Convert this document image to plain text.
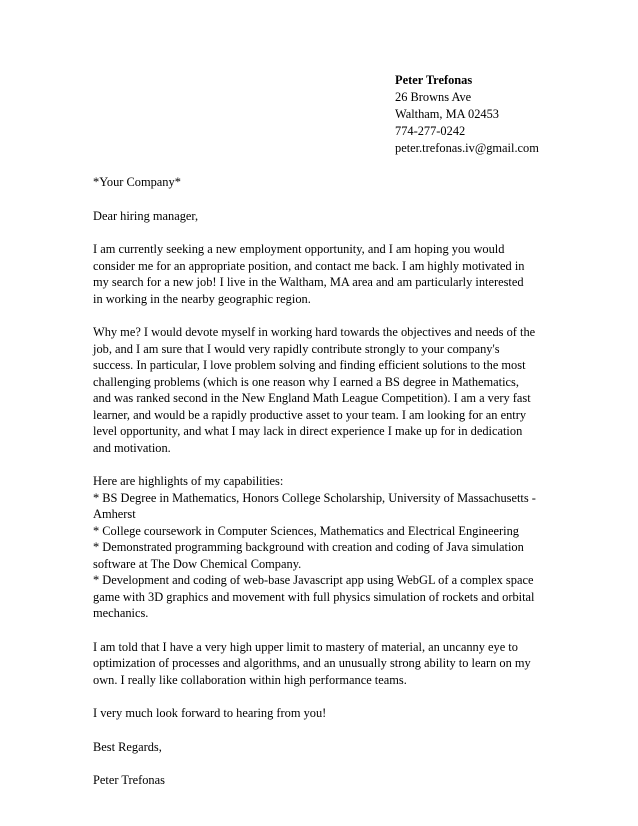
Peter Trefonas
26 Browns Ave
Waltham, MA 02453
774-277-0242
peter.trefonas.iv@gmail.com

*Your Company*

Dear hiring manager,

I am currently seeking a new employment opportunity, and I am hoping you would
consider me for an appropriate position, and contact me back. I am highly motivated in
my search for a new job! I live in the Waltham, MA area and am particularly interested
in working in the nearby geographic region.

Why me? I would devote myself in working hard towards the objectives and needs of the
job, and I am sure that I would very rapidly contribute strongly to your company's
success. In particular, I love problem solving and finding efficient solutions to the most
challenging problems (which is one reason why I earned a BS degree in Mathematics,
and was ranked second in the New England Math League Competition). I am a very fast
learner, and would be a rapidly productive asset to your team. I am looking for an entry
level opportunity, and what I may lack in direct experience I make up for in dedication
and motivation.

Here are highlights of my capabilities:
* BS Degree in Mathematics, Honors College Scholarship, University of Massachusetts -
Amherst
* College coursework in Computer Sciences, Mathematics and Electrical Engineering
* Demonstrated programming background with creation and coding of Java simulation
software at The Dow Chemical Company.
* Development and coding of web-base Javascript app using WebGL of a complex space
game with 3D graphics and movement with full physics simulation of rockets and orbital
mechanics.

I am told that I have a very high upper limit to mastery of material, an uncanny eye to
optimization of processes and algorithms, and an unusually strong ability to learn on my
own. I really like collaboration within high performance teams.

I very much look forward to hearing from you!

Best Regards,

Peter Trefonas
